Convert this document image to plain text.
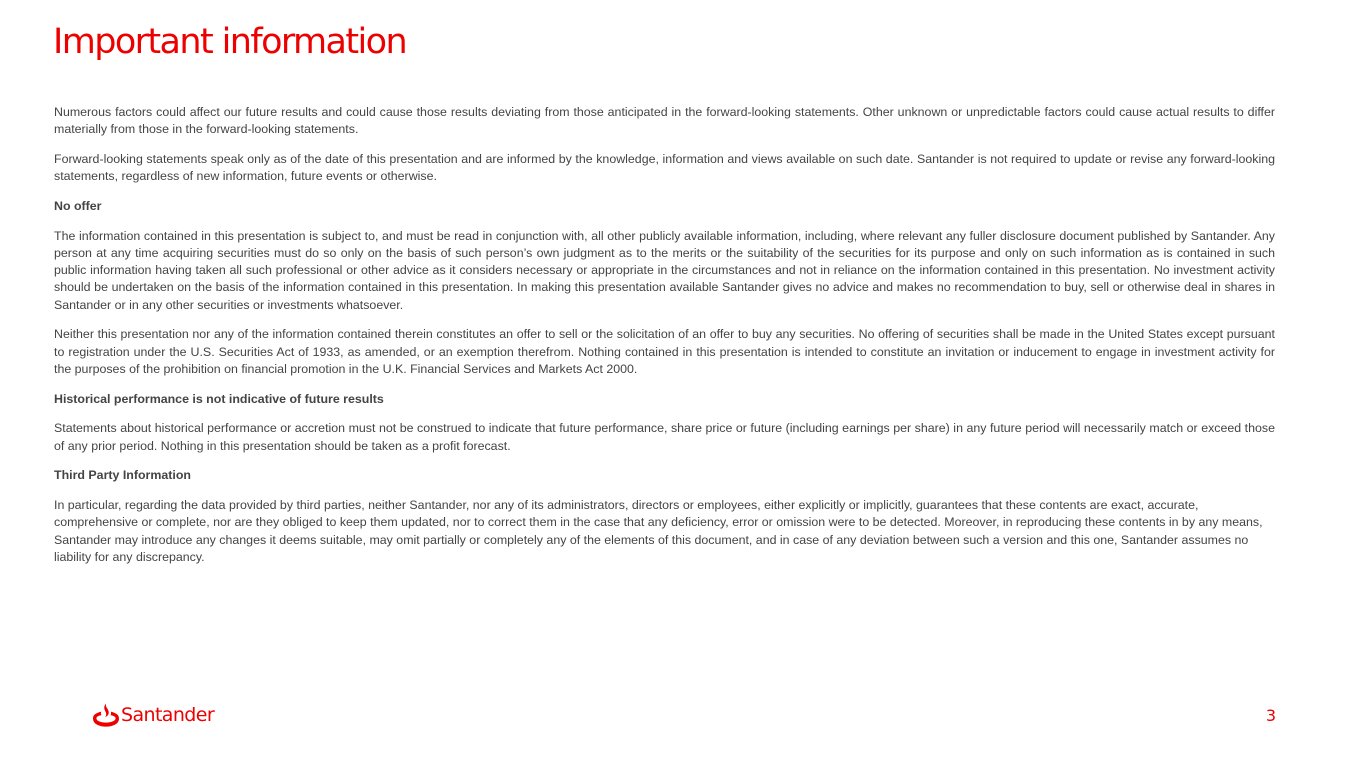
Important information

Numerous factors could affect our future results and could cause those results deviating from those anticipated in the forward-looking statements. Other unknown or unpredictable factors could cause actual results to differ materially from those in the forward-looking statements.

Forward-looking statements speak only as of the date of this presentation and are informed by the knowledge, information and views available on such date. Santander is not required to update or revise any forward-looking statements, regardless of new information, future events or otherwise.

No offer

The information contained in this presentation is subject to, and must be read in conjunction with, all other publicly available information, including, where relevant any fuller disclosure document published by Santander. Any person at any time acquiring securities must do so only on the basis of such person’s own judgment as to the merits or the suitability of the securities for its purpose and only on such information as is contained in such public information having taken all such professional or other advice as it considers necessary or appropriate in the circumstances and not in reliance on the information contained in this presentation. No investment activity should be undertaken on the basis of the information contained in this presentation. In making this presentation available Santander gives no advice and makes no recommendation to buy, sell or otherwise deal in shares in Santander or in any other securities or investments whatsoever.

Neither this presentation nor any of the information contained therein constitutes an offer to sell or the solicitation of an offer to buy any securities. No offering of securities shall be made in the United States except pursuant to registration under the U.S. Securities Act of 1933, as amended, or an exemption therefrom. Nothing contained in this presentation is intended to constitute an invitation or inducement to engage in investment activity for the purposes of the prohibition on financial promotion in the U.K. Financial Services and Markets Act 2000.

Historical performance is not indicative of future results

Statements about historical performance or accretion must not be construed to indicate that future performance, share price or future (including earnings per share) in any future period will necessarily match or exceed those of any prior period. Nothing in this presentation should be taken as a profit forecast.

Third Party Information

In particular, regarding the data provided by third parties, neither Santander, nor any of its administrators, directors or employees, either explicitly or implicitly, guarantees that these contents are exact, accurate, comprehensive or complete, nor are they obliged to keep them updated, nor to correct them in the case that any deficiency, error or omission were to be detected. Moreover, in reproducing these contents in by any means, Santander may introduce any changes it deems suitable, may omit partially or completely any of the elements of this document, and in case of any deviation between such a version and this one, Santander assumes no liability for any discrepancy.

Santander	3
